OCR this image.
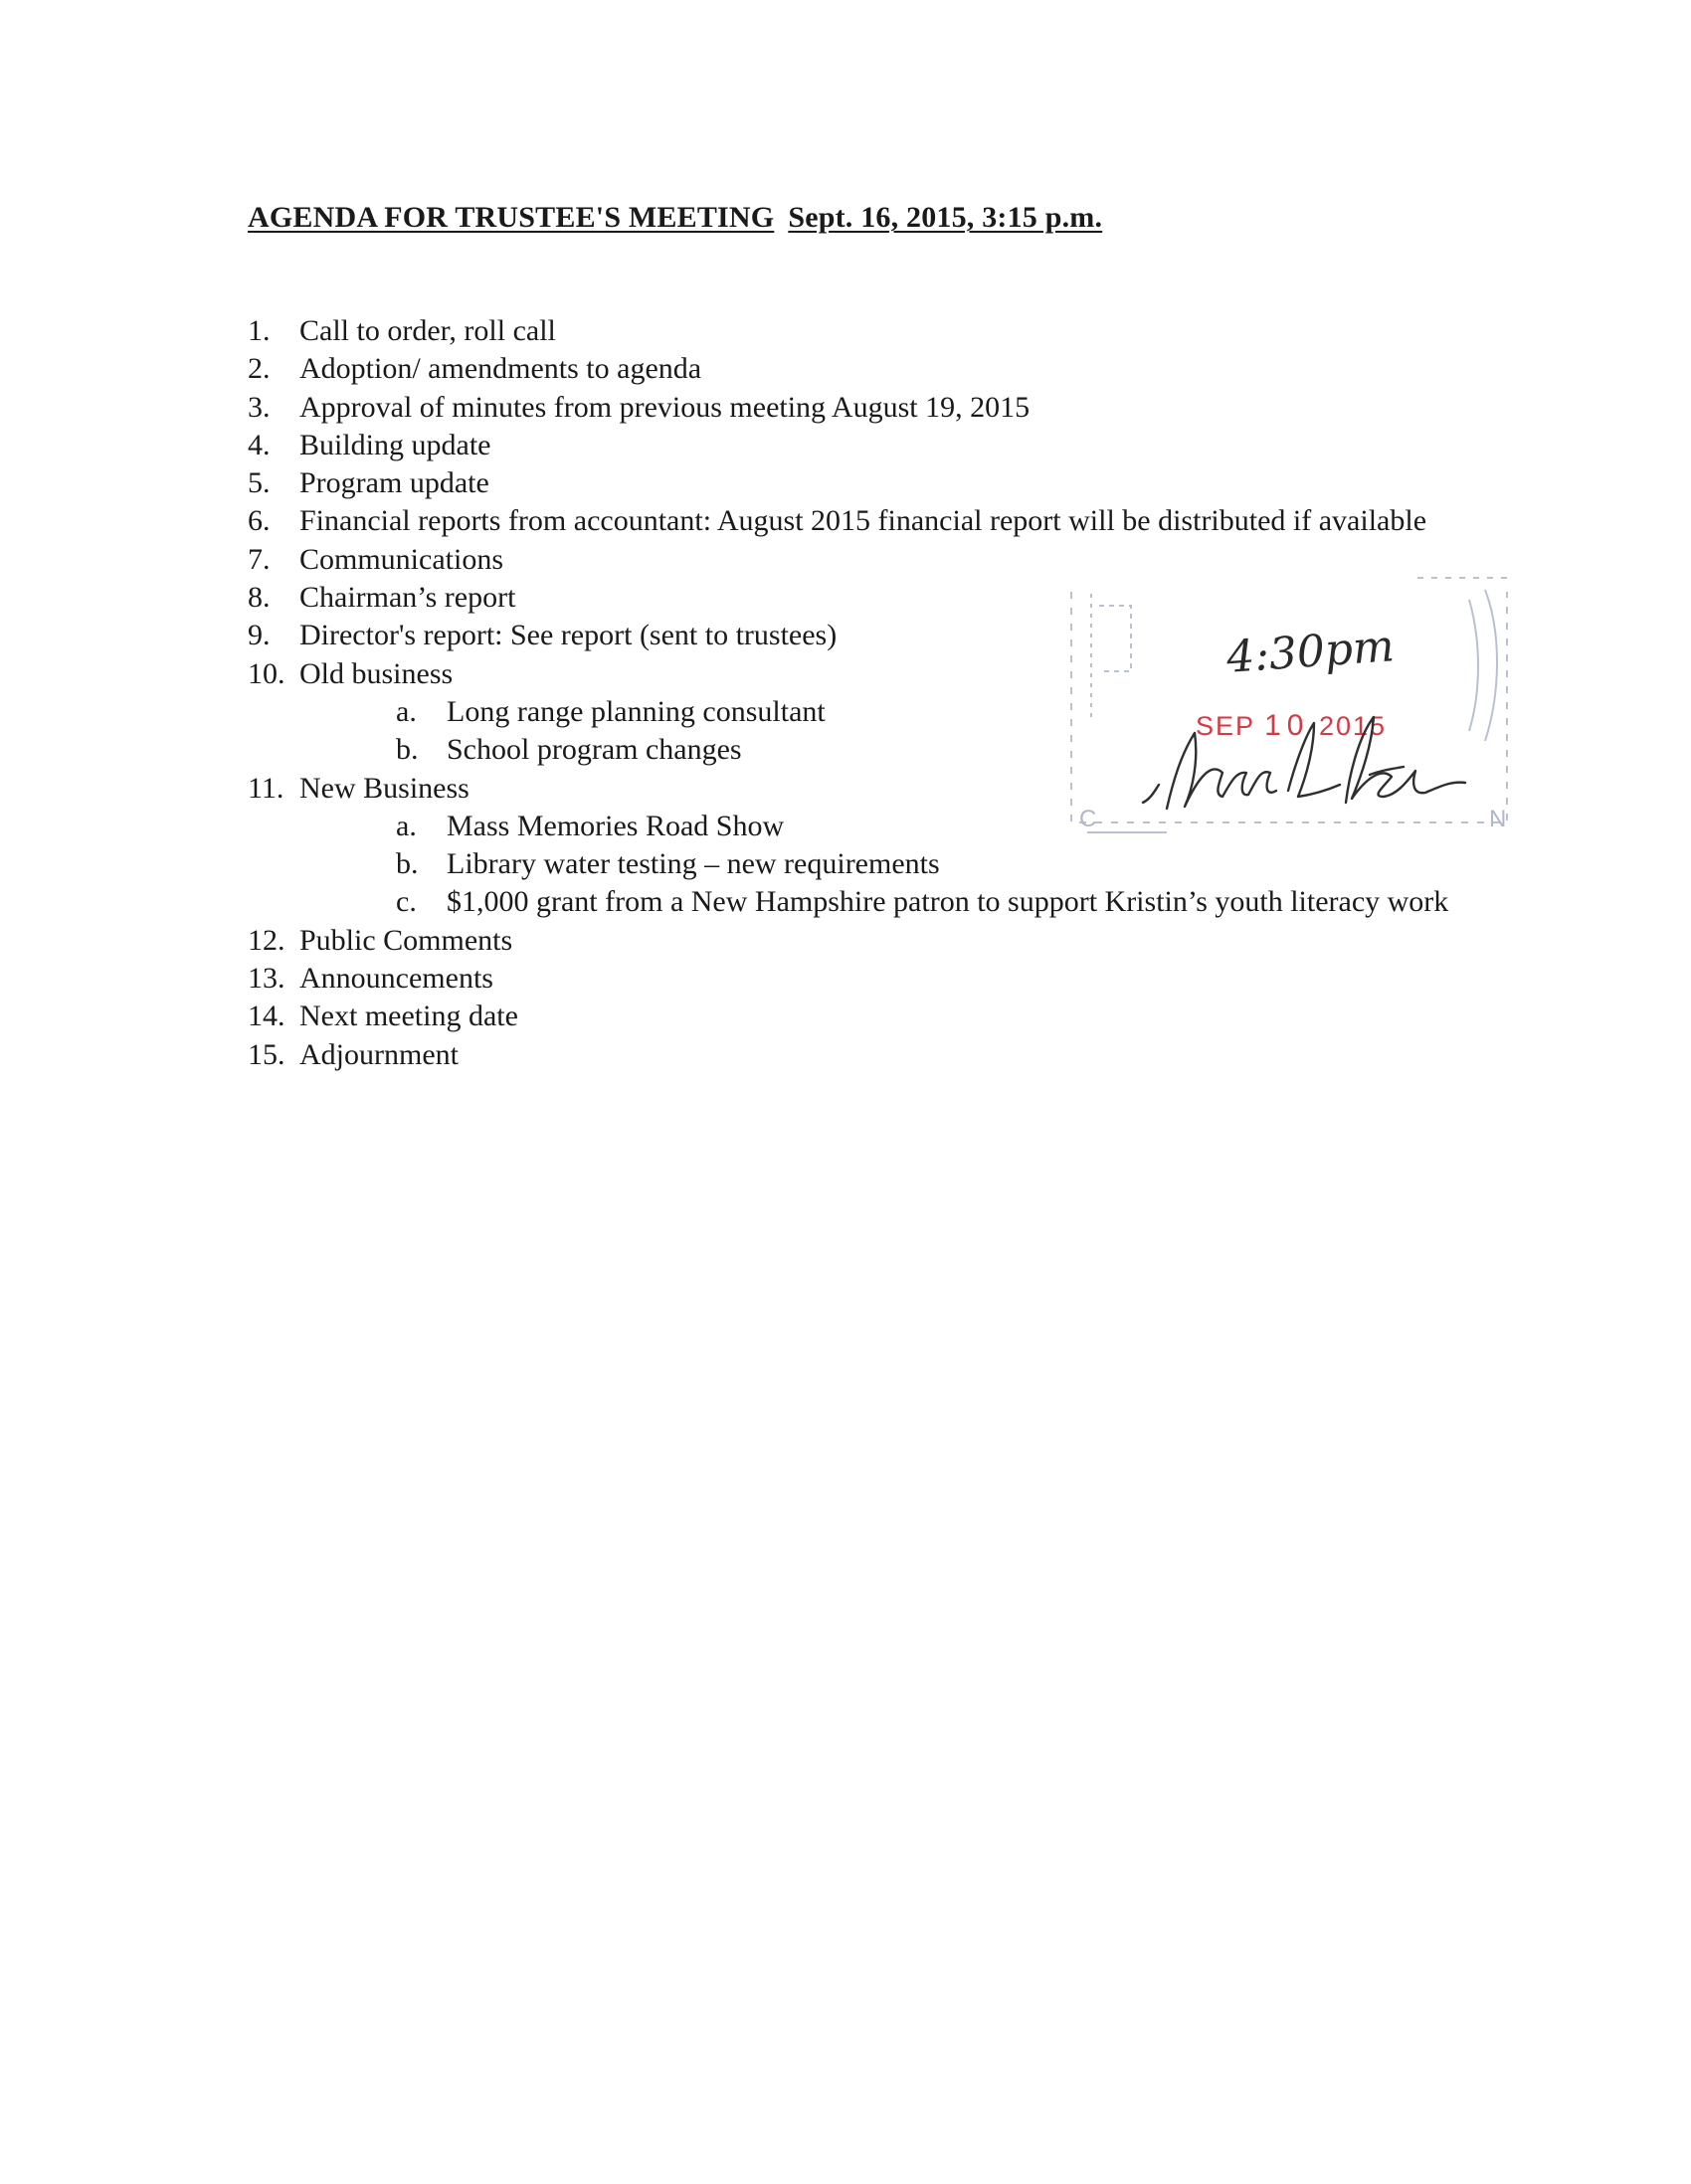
AGENDA FOR TRUSTEE'S MEETING Sept. 16, 2015, 3:15 p.m.
1. Call to order, roll call
2. Adoption/ amendments to agenda
3. Approval of minutes from previous meeting August 19, 2015
4. Building update
5. Program update
6. Financial reports from accountant: August 2015 financial report will be distributed if available
7. Communications
8. Chairman’s report
9. Director's report: See report (sent to trustees)
10. Old business
a. Long range planning consultant
b. School program changes
11. New Business
a. Mass Memories Road Show
b. Library water testing – new requirements
c. $1,000 grant from a New Hampshire patron to support Kristin’s youth literacy work
12. Public Comments
13. Announcements
14. Next meeting date
15. Adjournment
4:30pm
SEP 10 2015
C	N
